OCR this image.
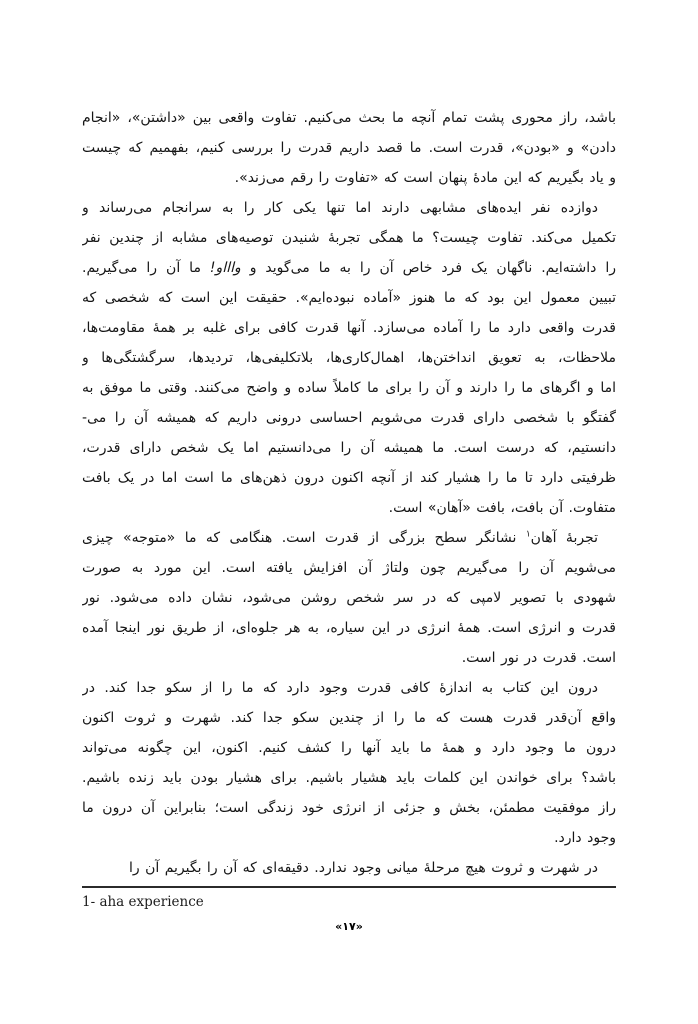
باشد، راز محوری پشت تمام آنچه ما بحث می‌کنیم. تفاوت واقعی بین «داشتن»، «انجام
دادن» و «بودن»، قدرت است. ما قصد داریم قدرت را بررسی کنیم، بفهمیم که چیست
و یاد بگیریم که این مادهٔ پنهان است که «تفاوت را رقم می‌زند».
دوازده نفر ایده‌های مشابهی دارند اما تنها یکی کار را به سرانجام می‌رساند و
تکمیل می‌کند. تفاوت چیست؟ ما همگی تجربهٔ شنیدن توصیه‌های مشابه از چندین نفر
را داشته‌ایم. ناگهان یک فرد خاص آن را به ما می‌گوید و واااو! ما آن را می‌گیریم.
تبیین معمول این بود که ما هنوز «آماده نبوده‌ایم». حقیقت این است که شخصی که
قدرت واقعی دارد ما را آماده می‌سازد. آنها قدرت کافی برای غلبه بر همهٔ مقاومت‌ها،
ملاحظات، به تعویق انداختن‌ها، اهمال‌کاری‌ها، بلاتکلیفی‌ها، تردیدها، سرگشتگی‌ها و
اما و اگرهای ما را دارند و آن را برای ما کاملاً ساده و واضح می‌کنند. وقتی ما موفق به
گفتگو با شخصی دارای قدرت می‌شویم احساسی درونی داریم که همیشه آن را می‌-
دانستیم، که درست است. ما همیشه آن را می‌دانستیم اما یک شخص دارای قدرت،
ظرفیتی دارد تا ما را هشیار کند از آنچه اکنون درون ذهن‌های ما است اما در یک بافت
متفاوت. آن بافت، بافت «آهان» است.
تجربهٔ آهان$^۱$ نشانگر سطح بزرگی از قدرت است. هنگامی که ما «متوجه» چیزی
می‌شویم آن را می‌گیریم چون ولتاژ آن افزایش یافته است. این مورد به صورت
شهودی با تصویر لامپی که در سر شخص روشن می‌شود، نشان داده می‌شود. نور
قدرت و انرژی است. همهٔ انرژی در این سیاره، به هر جلوه‌ای، از طریق نور اینجا آمده
است. قدرت در نور است.
درون این کتاب به اندازهٔ کافی قدرت وجود دارد که ما را از سکو جدا کند. در
واقع آن‌قدر قدرت هست که ما را از چندین سکو جدا کند. شهرت و ثروت اکنون
درون ما وجود دارد و همهٔ ما باید آنها را کشف کنیم. اکنون، این چگونه می‌تواند
باشد؟ برای خواندن این کلمات باید هشیار باشیم. برای هشیار بودن باید زنده باشیم.
راز موفقیت مطمئن، بخش و جزئی از انرژی خود زندگی است؛ بنابراین آن درون ما
وجود دارد.
در شهرت و ثروت هیچ مرحلهٔ میانی وجود ندارد. دقیقه‌ای که آن را بگیریم آن را
1- aha experience
«۱۷»
